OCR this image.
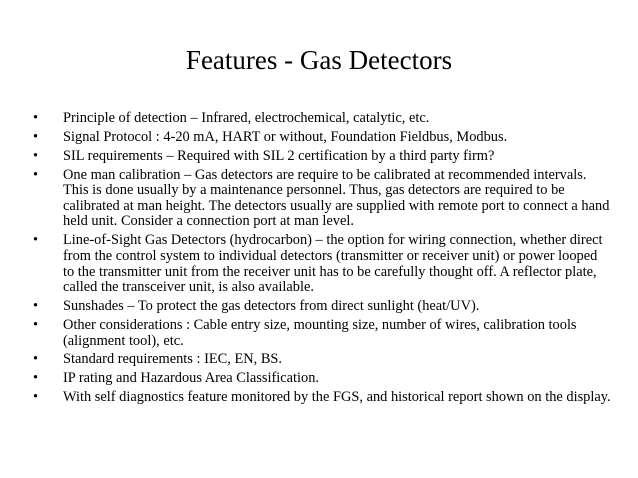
Features - Gas Detectors
•	Principle of detection – Infrared, electrochemical, catalytic, etc.
•	Signal Protocol : 4-20 mA, HART or without, Foundation Fieldbus, Modbus.
•	SIL requirements – Required with SIL 2 certification by a third party firm?
•	One man calibration – Gas detectors are require to be calibrated at recommended intervals. This is done usually by a maintenance personnel. Thus, gas detectors are required to be calibrated at man height. The detectors usually are supplied with remote port to connect a hand held unit. Consider a connection port at man level.
•	Line-of-Sight Gas Detectors (hydrocarbon) – the option for wiring connection, whether direct from the control system to individual detectors (transmitter or receiver unit) or power looped to the transmitter unit from the receiver unit has to be carefully thought off. A reflector plate, called the transceiver unit, is also available.
•	Sunshades – To protect the gas detectors from direct sunlight (heat/UV).
•	Other considerations : Cable entry size, mounting size, number of wires, calibration tools (alignment tool), etc.
•	Standard requirements : IEC, EN, BS.
•	IP rating and Hazardous Area Classification.
•	With self diagnostics feature monitored by the FGS, and historical report shown on the display.
